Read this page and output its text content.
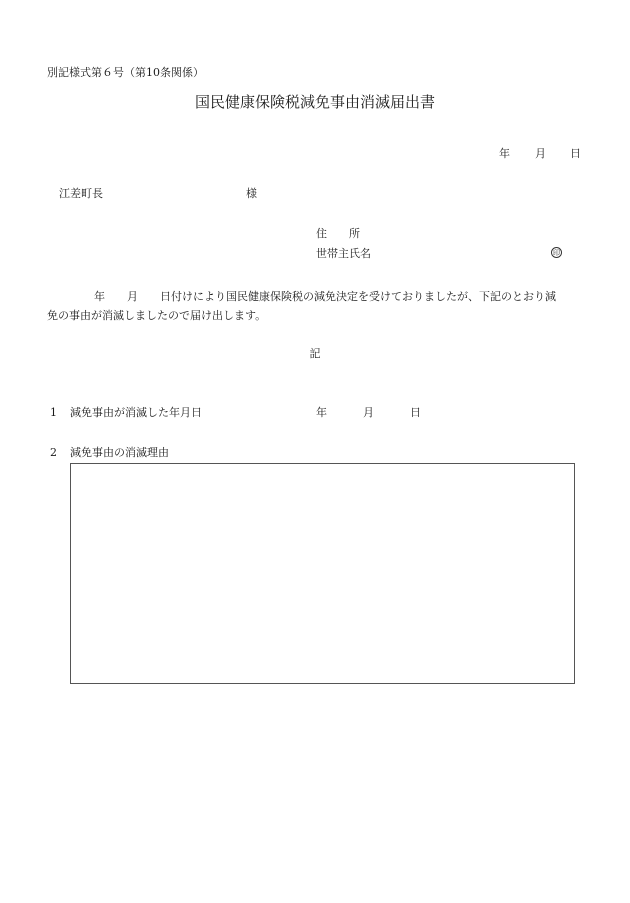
別記様式第６号（第10条関係）
国民健康保険税減免事由消滅届出書
年 月 日
江差町長	様
住　　所
世帯主氏名	印
年 月 日付けにより国民健康保険税の減免決定を受けておりましたが、下記のとおり減
免の事由が消滅しましたので届け出します。
記
1 減免事由が消滅した年月日	年	月	日
2 減免事由の消滅理由
